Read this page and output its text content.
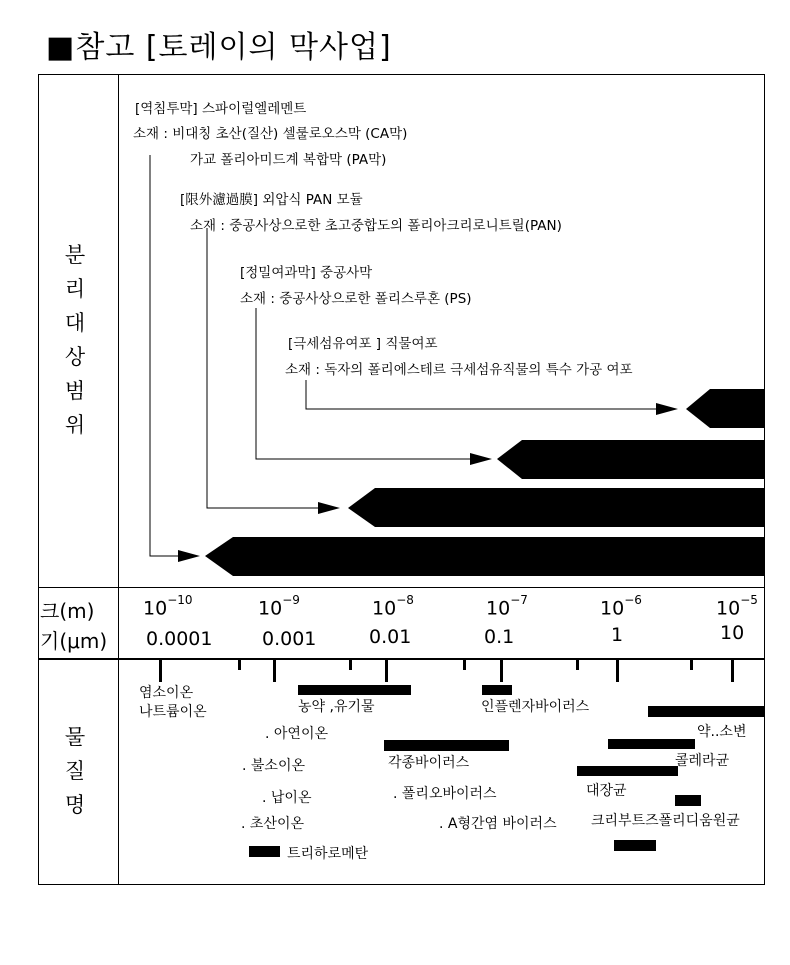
■참고 [토레이의 막사업]
분
리
대
상
범
위
크(m)
기(μm)
물
질
명
[역침투막] 스파이럴엘레멘트
소재 : 비대칭 초산(질산) 셀룰로오스막 (CA막)
가교 폴리아미드계 복합막 (PA막)
[限外濾過膜] 외압식 PAN 모듈
소재 : 중공사상으로한 초고중합도의 폴리아크리로니트릴(PAN)
[정밀여과막] 중공사막
소재 : 중공사상으로한 폴리스루혼 (PS)
[극세섬유여포 ] 직물여포
소재 : 독자의 폴리에스테르 극세섬유직물의 특수 가공 여포
$10^{-10}$	$10^{-9}$	$10^{-8}$	$10^{-7}$	$10^{-6}$	$10^{-5}$
0.0001	0.001	0.01	0.1	1	10
염소이온
나트륨이온	농약 ,유기물
. 아연이온
. 불소이온
. 납이온
. 초산이온
트리하로메탄
인플렌자바이러스
각종바이러스
. 폴리오바이러스
. A형간염 바이러스
약..소변
콜레라균
대장균
크리부트즈폴리디움원균
